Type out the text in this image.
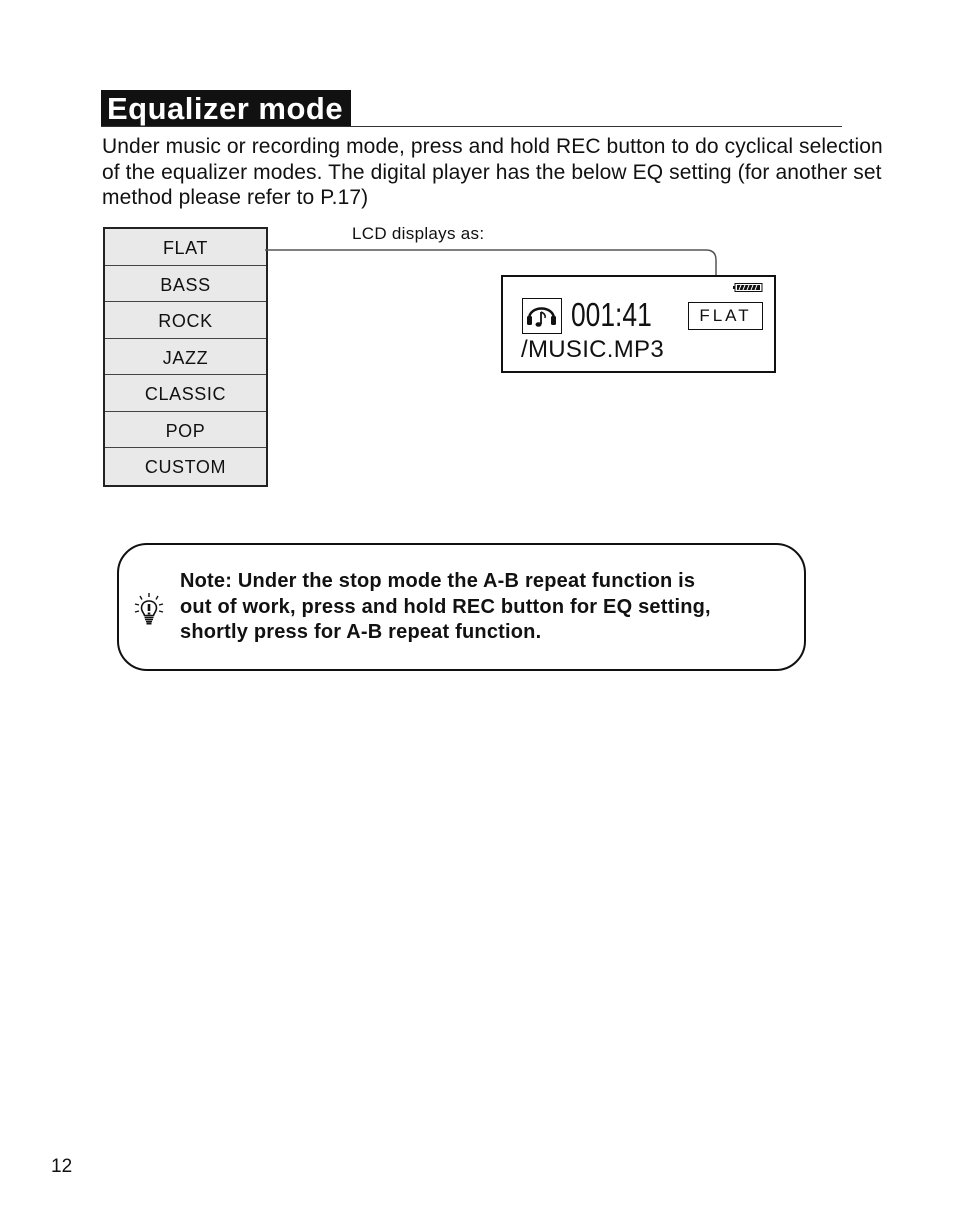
Equalizer mode

Under music or recording mode, press and hold REC button to do cyclical selection of the equalizer modes. The digital player has the below EQ setting (for another set method please refer to P.17)

FLAT
BASS
ROCK
JAZZ
CLASSIC
POP
CUSTOM
LCD displays as:
001:41	FLAT
/MUSIC.MP3
Note: Under the stop mode the A-B repeat function is
out of work, press and hold REC button for EQ setting,
shortly press for A-B repeat function.
12
